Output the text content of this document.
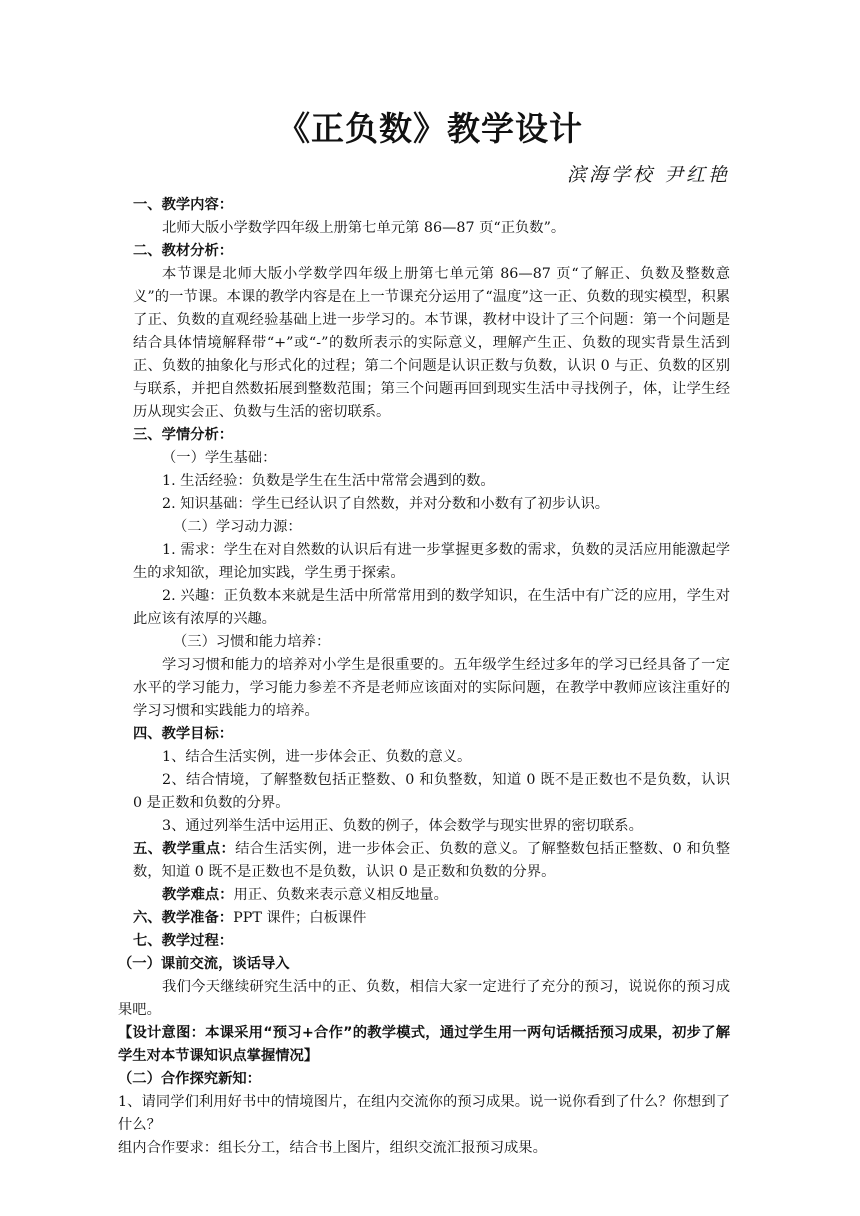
《正负数》教学设计
滨海学校 尹红艳

一、教学内容：

北师大版小学数学四年级上册第七单元第 86—87 页“正负数”。

二、教材分析：

本节课是北师大版小学数学四年级上册第七单元第 86—87 页“了解正、负数及整数意义”的一节课。本课的教学内容是在上一节课充分运用了“温度”这一正、负数的现实模型，积累了正、负数的直观经验基础上进一步学习的。本节课，教材中设计了三个问题：第一个问题是结合具体情境解释带“+”或“-”的数所表示的实际意义，理解产生正、负数的现实背景生活到正、负数的抽象化与形式化的过程；第二个问题是认识正数与负数，认识 0 与正、负数的区别与联系，并把自然数拓展到整数范围；第三个问题再回到现实生活中寻找例子，体，让学生经历从现实会正、负数与生活的密切联系。

三、学情分析：

（一）学生基础：

1. 生活经验：负数是学生在生活中常常会遇到的数。

2. 知识基础：学生已经认识了自然数，并对分数和小数有了初步认识。

（二）学习动力源：

1. 需求：学生在对自然数的认识后有进一步掌握更多数的需求，负数的灵活应用能激起学生的求知欲，理论加实践，学生勇于探索。

2. 兴趣：正负数本来就是生活中所常常用到的数学知识，在生活中有广泛的应用，学生对此应该有浓厚的兴趣。

（三）习惯和能力培养：

学习习惯和能力的培养对小学生是很重要的。五年级学生经过多年的学习已经具备了一定水平的学习能力，学习能力参差不齐是老师应该面对的实际问题，在教学中教师应该注重好的学习习惯和实践能力的培养。

四、教学目标：

1、结合生活实例，进一步体会正、负数的意义。

2、结合情境，了解整数包括正整数、0 和负整数，知道 0 既不是正数也不是负数，认识 0 是正数和负数的分界。

3、通过列举生活中运用正、负数的例子，体会数学与现实世界的密切联系。

五、教学重点：结合生活实例，进一步体会正、负数的意义。了解整数包括正整数、0 和负整数，知道 0 既不是正数也不是负数，认识 0 是正数和负数的分界。

教学难点：用正、负数来表示意义相反地量。

六、教学准备：PPT 课件；白板课件

七、教学过程：

（一）课前交流，谈话导入

我们今天继续研究生活中的正、负数，相信大家一定进行了充分的预习，说说你的预习成果吧。

【设计意图：本课采用“预习+合作”的教学模式，通过学生用一两句话概括预习成果，初步了解学生对本节课知识点掌握情况】

（二）合作探究新知：

1、请同学们利用好书中的情境图片，在组内交流你的预习成果。说一说你看到了什么？你想到了什么？

组内合作要求：组长分工，结合书上图片，组织交流汇报预习成果。
